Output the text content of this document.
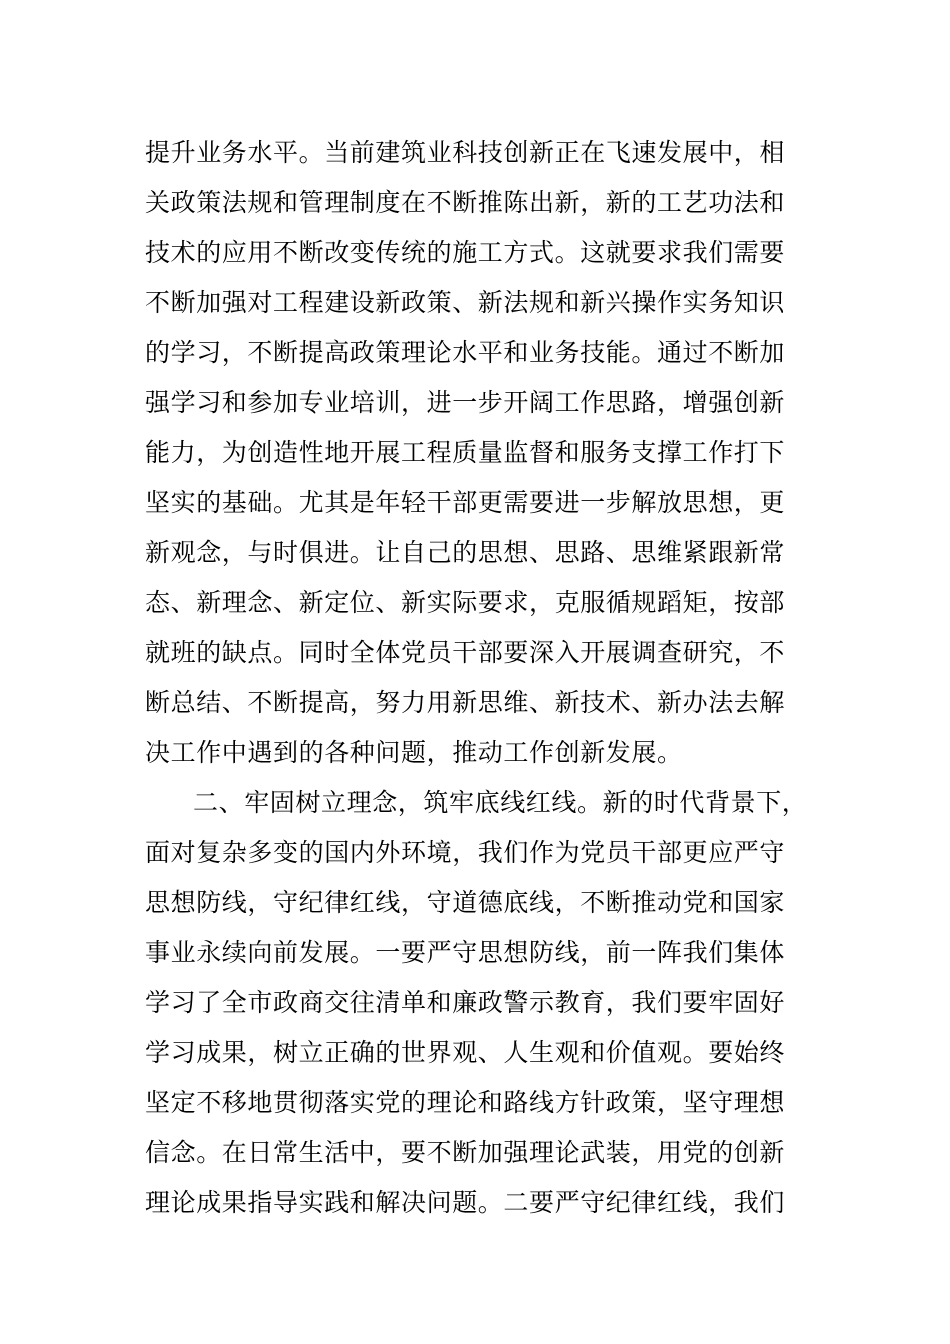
提升业务水平。当前建筑业科技创新正在飞速发展中，相
关政策法规和管理制度在不断推陈出新，新的工艺功法和
技术的应用不断改变传统的施工方式。这就要求我们需要
不断加强对工程建设新政策、新法规和新兴操作实务知识
的学习，不断提高政策理论水平和业务技能。通过不断加
强学习和参加专业培训，进一步开阔工作思路，增强创新
能力，为创造性地开展工程质量监督和服务支撑工作打下
坚实的基础。尤其是年轻干部更需要进一步解放思想，更
新观念，与时俱进。让自己的思想、思路、思维紧跟新常
态、新理念、新定位、新实际要求，克服循规蹈矩，按部
就班的缺点。同时全体党员干部要深入开展调查研究，不
断总结、不断提高，努力用新思维、新技术、新办法去解
决工作中遇到的各种问题，推动工作创新发展。
二、牢固树立理念，筑牢底线红线。新的时代背景下，
面对复杂多变的国内外环境，我们作为党员干部更应严守
思想防线，守纪律红线，守道德底线，不断推动党和国家
事业永续向前发展。一要严守思想防线，前一阵我们集体
学习了全市政商交往清单和廉政警示教育，我们要牢固好
学习成果，树立正确的世界观、人生观和价值观。要始终
坚定不移地贯彻落实党的理论和路线方针政策，坚守理想
信念。在日常生活中，要不断加强理论武装，用党的创新
理论成果指导实践和解决问题。二要严守纪律红线，我们
